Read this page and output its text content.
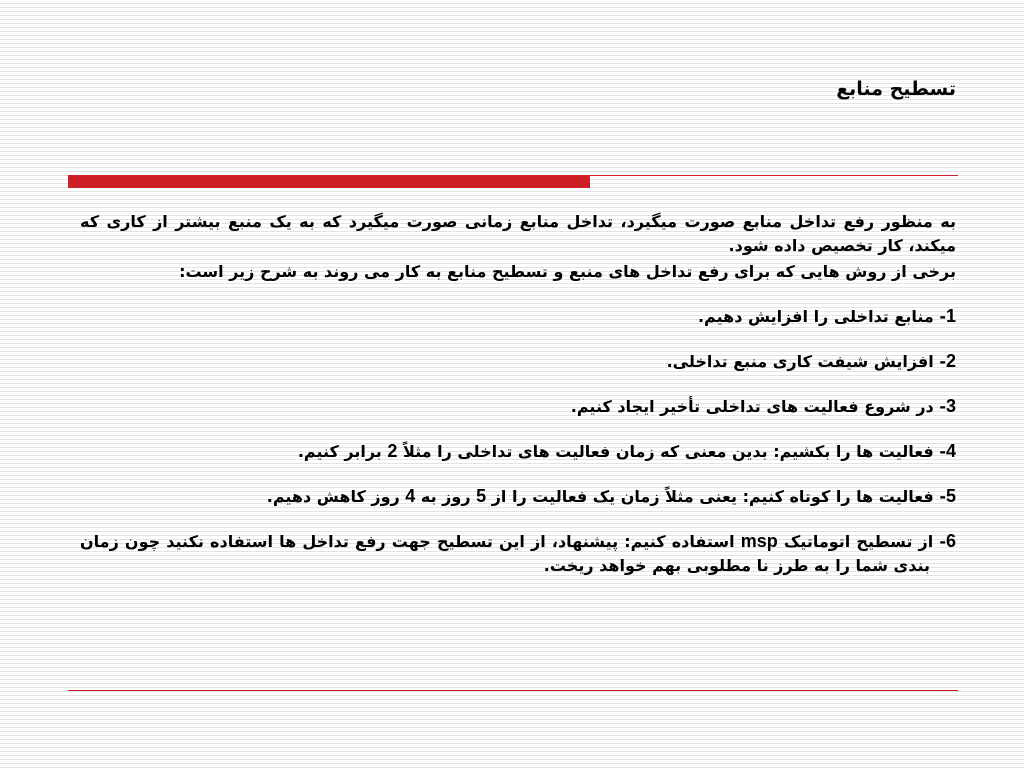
تسطیح منابع

به منظور رفع تداخل منابع صورت میگیرد، تداخل منابع زمانی صورت میگیرد که به یک منبع بیشتر از کاری که میکند، کار تخصیص داده شود.

برخی از روش هایی که برای رفع تداخل های منبع و تسطیح منابع به کار می روند به شرح زیر است:

1- منابع تداخلی را افزایش دهیم.

2- افزایش شیفت کاری منبع تداخلی.

3- در شروع فعالیت های تداخلی تأخیر ایجاد کنیم.

4- فعالیت ها را بکشیم: بدین معنی که زمان فعالیت های تداخلی را مثلاً 2 برابر کنیم.

5- فعالیت ها را کوتاه کنیم: یعنی مثلاً زمان یک فعالیت را از 5 روز به 4 روز کاهش دهیم.

6- از تسطیح اتوماتیک msp استفاده کنیم: پیشنهاد، از این تسطیح جهت رفع تداخل ها استفاده نکنید چون زمان بندی شما را به طرز نا مطلوبی بهم خواهد ریخت.
